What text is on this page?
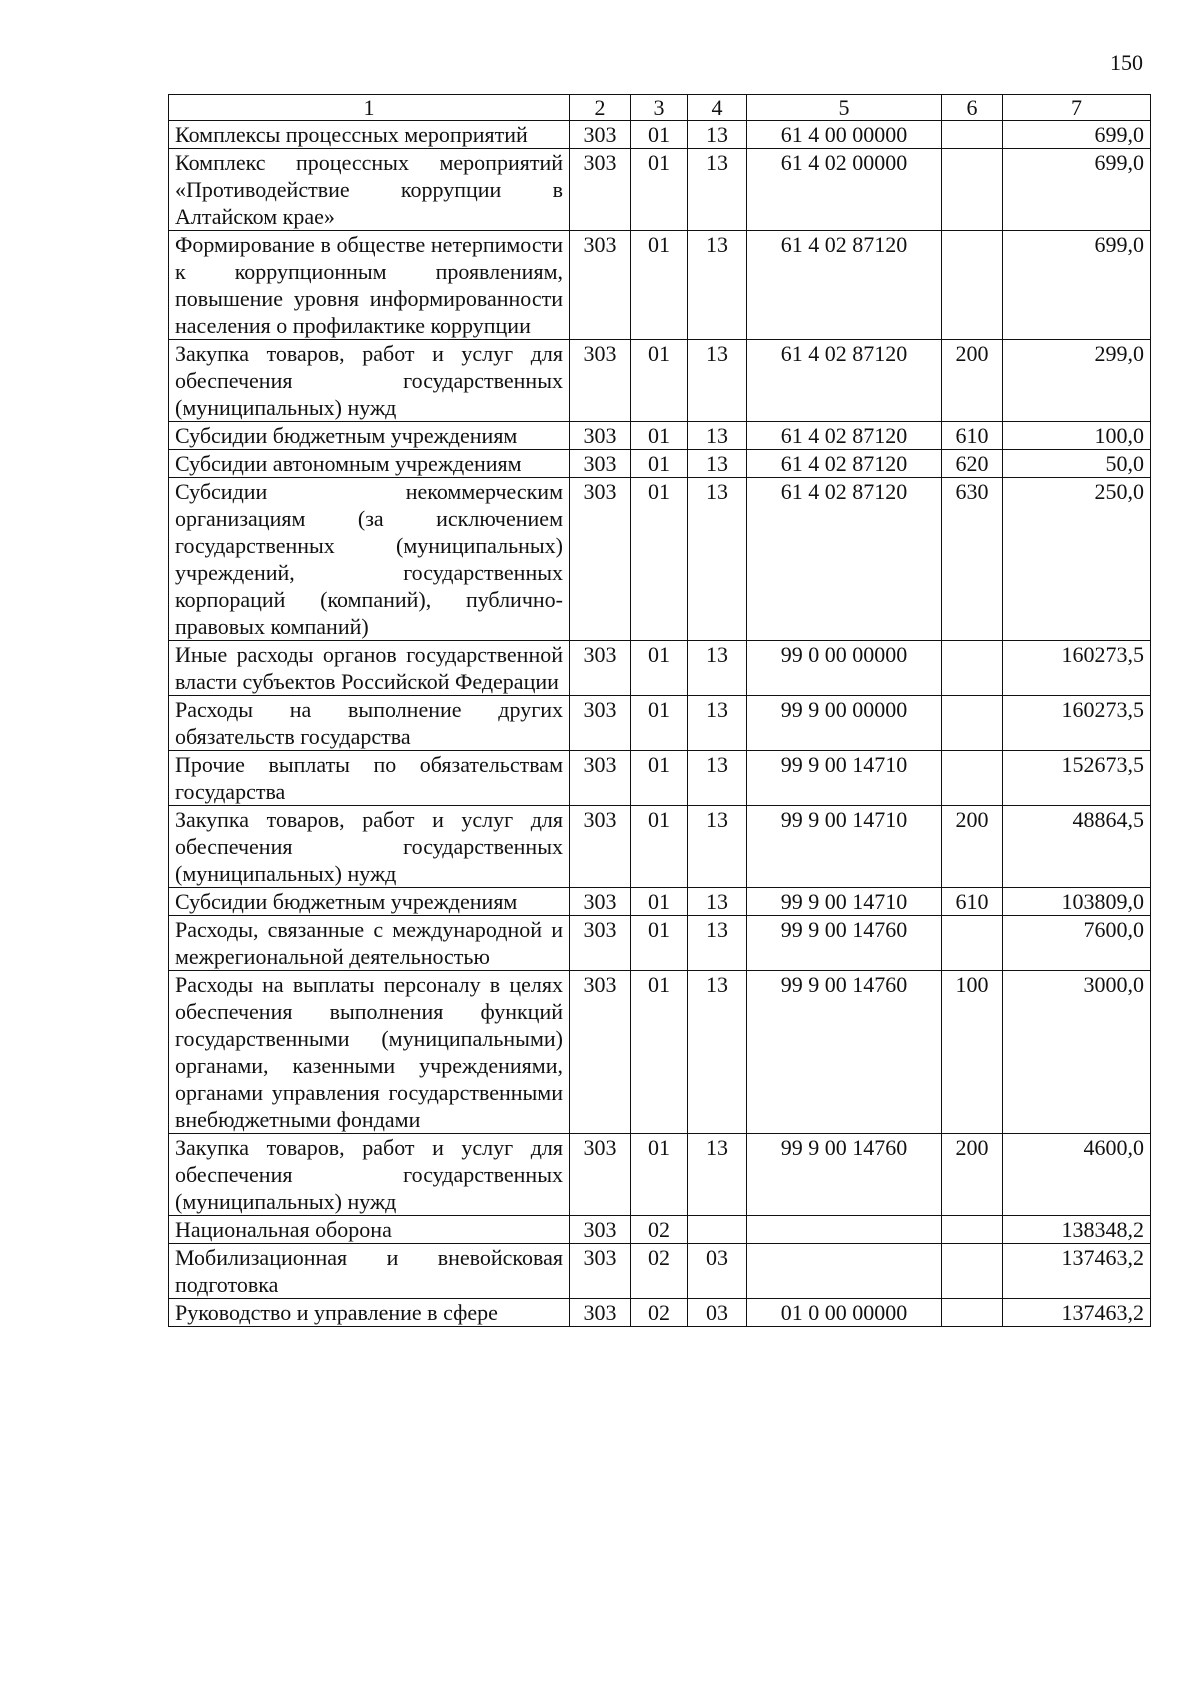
150
1	2	3	4	5	6	7
Комплексы процессных мероприятий	303	01	13	61 4 00 00000		699,0
Комплекс процессных мероприятий «Противодействие коррупции в Алтайском крае»	303	01	13	61 4 02 00000		699,0
Формирование в обществе нетерпимости к коррупционным проявлениям, повышение уровня информированности населения о профилактике коррупции	303	01	13	61 4 02 87120		699,0
Закупка товаров, работ и услуг для обеспечения государственных (муниципальных) нужд	303	01	13	61 4 02 87120	200	299,0
Субсидии бюджетным учреждениям	303	01	13	61 4 02 87120	610	100,0
Субсидии автономным учреждениям	303	01	13	61 4 02 87120	620	50,0
Субсидии некоммерческим организациям (за исключением государственных (муниципальных) учреждений, государственных корпораций (компаний), публично-правовых компаний)	303	01	13	61 4 02 87120	630	250,0
Иные расходы органов государственной власти субъектов Российской Федерации	303	01	13	99 0 00 00000		160273,5
Расходы на выполнение других обязательств государства	303	01	13	99 9 00 00000		160273,5
Прочие выплаты по обязательствам государства	303	01	13	99 9 00 14710		152673,5
Закупка товаров, работ и услуг для обеспечения государственных (муниципальных) нужд	303	01	13	99 9 00 14710	200	48864,5
Субсидии бюджетным учреждениям	303	01	13	99 9 00 14710	610	103809,0
Расходы, связанные с международной и межрегиональной деятельностью	303	01	13	99 9 00 14760		7600,0
Расходы на выплаты персоналу в целях обеспечения выполнения функций государственными (муниципальными) органами, казенными учреждениями, органами управления государственными внебюджетными фондами	303	01	13	99 9 00 14760	100	3000,0
Закупка товаров, работ и услуг для обеспечения государственных (муниципальных) нужд	303	01	13	99 9 00 14760	200	4600,0
Национальная оборона	303	02				138348,2
Мобилизационная и вневойсковая подготовка	303	02	03			137463,2
Руководство и управление в сфере	303	02	03	01 0 00 00000		137463,2
